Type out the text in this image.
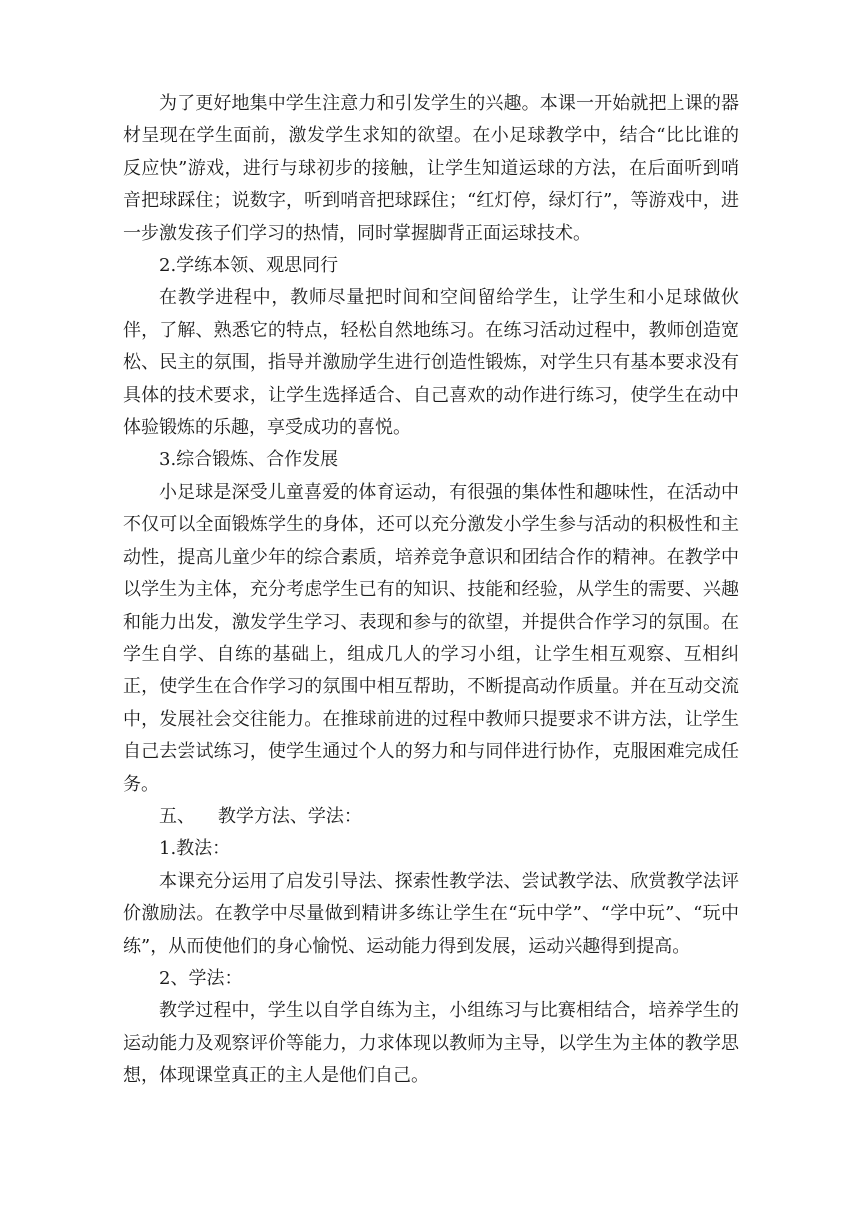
为了更好地集中学生注意力和引发学生的兴趣。本课一开始就把上课的器材呈现在学生面前，激发学生求知的欲望。在小足球教学中，结合“比比谁的反应快”游戏，进行与球初步的接触，让学生知道运球的方法，在后面听到哨音把球踩住；说数字，听到哨音把球踩住；“红灯停，绿灯行”，等游戏中，进一步激发孩子们学习的热情，同时掌握脚背正面运球技术。

2.学练本领、观思同行

在教学进程中，教师尽量把时间和空间留给学生，让学生和小足球做伙伴，了解、熟悉它的特点，轻松自然地练习。在练习活动过程中，教师创造宽松、民主的氛围，指导并激励学生进行创造性锻炼，对学生只有基本要求没有具体的技术要求，让学生选择适合、自己喜欢的动作进行练习，使学生在动中体验锻炼的乐趣，享受成功的喜悦。

3.综合锻炼、合作发展

小足球是深受儿童喜爱的体育运动，有很强的集体性和趣味性，在活动中不仅可以全面锻炼学生的身体，还可以充分激发小学生参与活动的积极性和主动性，提高儿童少年的综合素质，培养竞争意识和团结合作的精神。在教学中以学生为主体，充分考虑学生已有的知识、技能和经验，从学生的需要、兴趣和能力出发，激发学生学习、表现和参与的欲望，并提供合作学习的氛围。在学生自学、自练的基础上，组成几人的学习小组，让学生相互观察、互相纠正，使学生在合作学习的氛围中相互帮助，不断提高动作质量。并在互动交流中，发展社会交往能力。在推球前进的过程中教师只提要求不讲方法，让学生自己去尝试练习，使学生通过个人的努力和与同伴进行协作，克服困难完成任务。

五、    教学方法、学法：

1.教法：

本课充分运用了启发引导法、探索性教学法、尝试教学法、欣赏教学法评价激励法。在教学中尽量做到精讲多练让学生在“玩中学”、“学中玩”、“玩中练”，从而使他们的身心愉悦、运动能力得到发展，运动兴趣得到提高。

2、学法：

教学过程中，学生以自学自练为主，小组练习与比赛相结合，培养学生的运动能力及观察评价等能力，力求体现以教师为主导，以学生为主体的教学思想，体现课堂真正的主人是他们自己。
